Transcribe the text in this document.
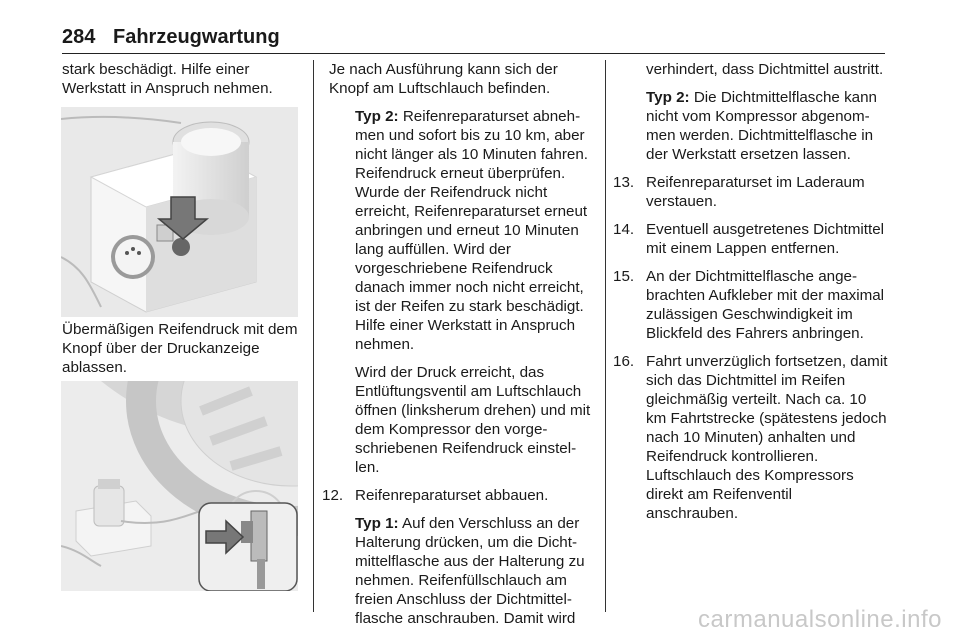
284 Fahrzeugwartung
stark beschädigt. Hilfe einer Werkstatt in Anspruch nehmen.
Übermäßigen Reifendruck mit dem Knopf über der Druckanzeige ablassen.

Je nach Ausführung kann sich der Knopf am Luftschlauch befinden.

Typ 2: Reifenreparaturset abnehmen und sofort bis zu 10 km, aber nicht länger als 10 Minuten fahren. Reifendruck erneut überprüfen. Wurde der Reifendruck nicht erreicht, Reifenreparaturset erneut anbringen und erneut 10 Minuten lang auffüllen. Wird der vorgeschriebene Reifendruck danach immer noch nicht erreicht, ist der Reifen zu stark beschädigt. Hilfe einer Werkstatt in Anspruch nehmen.

Wird der Druck erreicht, das Entlüftungsventil am Luftschlauch öffnen (linksherum drehen) und mit dem Kompressor den vorgeschriebenen Reifendruck einstellen.

12. Reifenreparaturset abbauen.

Typ 1: Auf den Verschluss an der Halterung drücken, um die Dichtmittelflasche aus der Halterung zu nehmen. Reifenfüllschlauch am freien Anschluss der Dichtmittelflasche anschrauben. Damit wird

verhindert, dass Dichtmittel austritt.

Typ 2: Die Dichtmittelflasche kann nicht vom Kompressor abgenommen werden. Dichtmittelflasche in der Werkstatt ersetzen lassen.

13. Reifenreparaturset im Laderaum verstauen.

14. Eventuell ausgetretenes Dichtmittel mit einem Lappen entfernen.

15. An der Dichtmittelflasche angebrachten Aufkleber mit der maximal zulässigen Geschwindigkeit im Blickfeld des Fahrers anbringen.

16. Fahrt unverzüglich fortsetzen, damit sich das Dichtmittel im Reifen gleichmäßig verteilt. Nach ca. 10 km Fahrtstrecke (spätestens jedoch nach 10 Minuten) anhalten und Reifendruck kontrollieren. Luftschlauch des Kompressors direkt am Reifenventil anschrauben.

carmanualsonline.info
